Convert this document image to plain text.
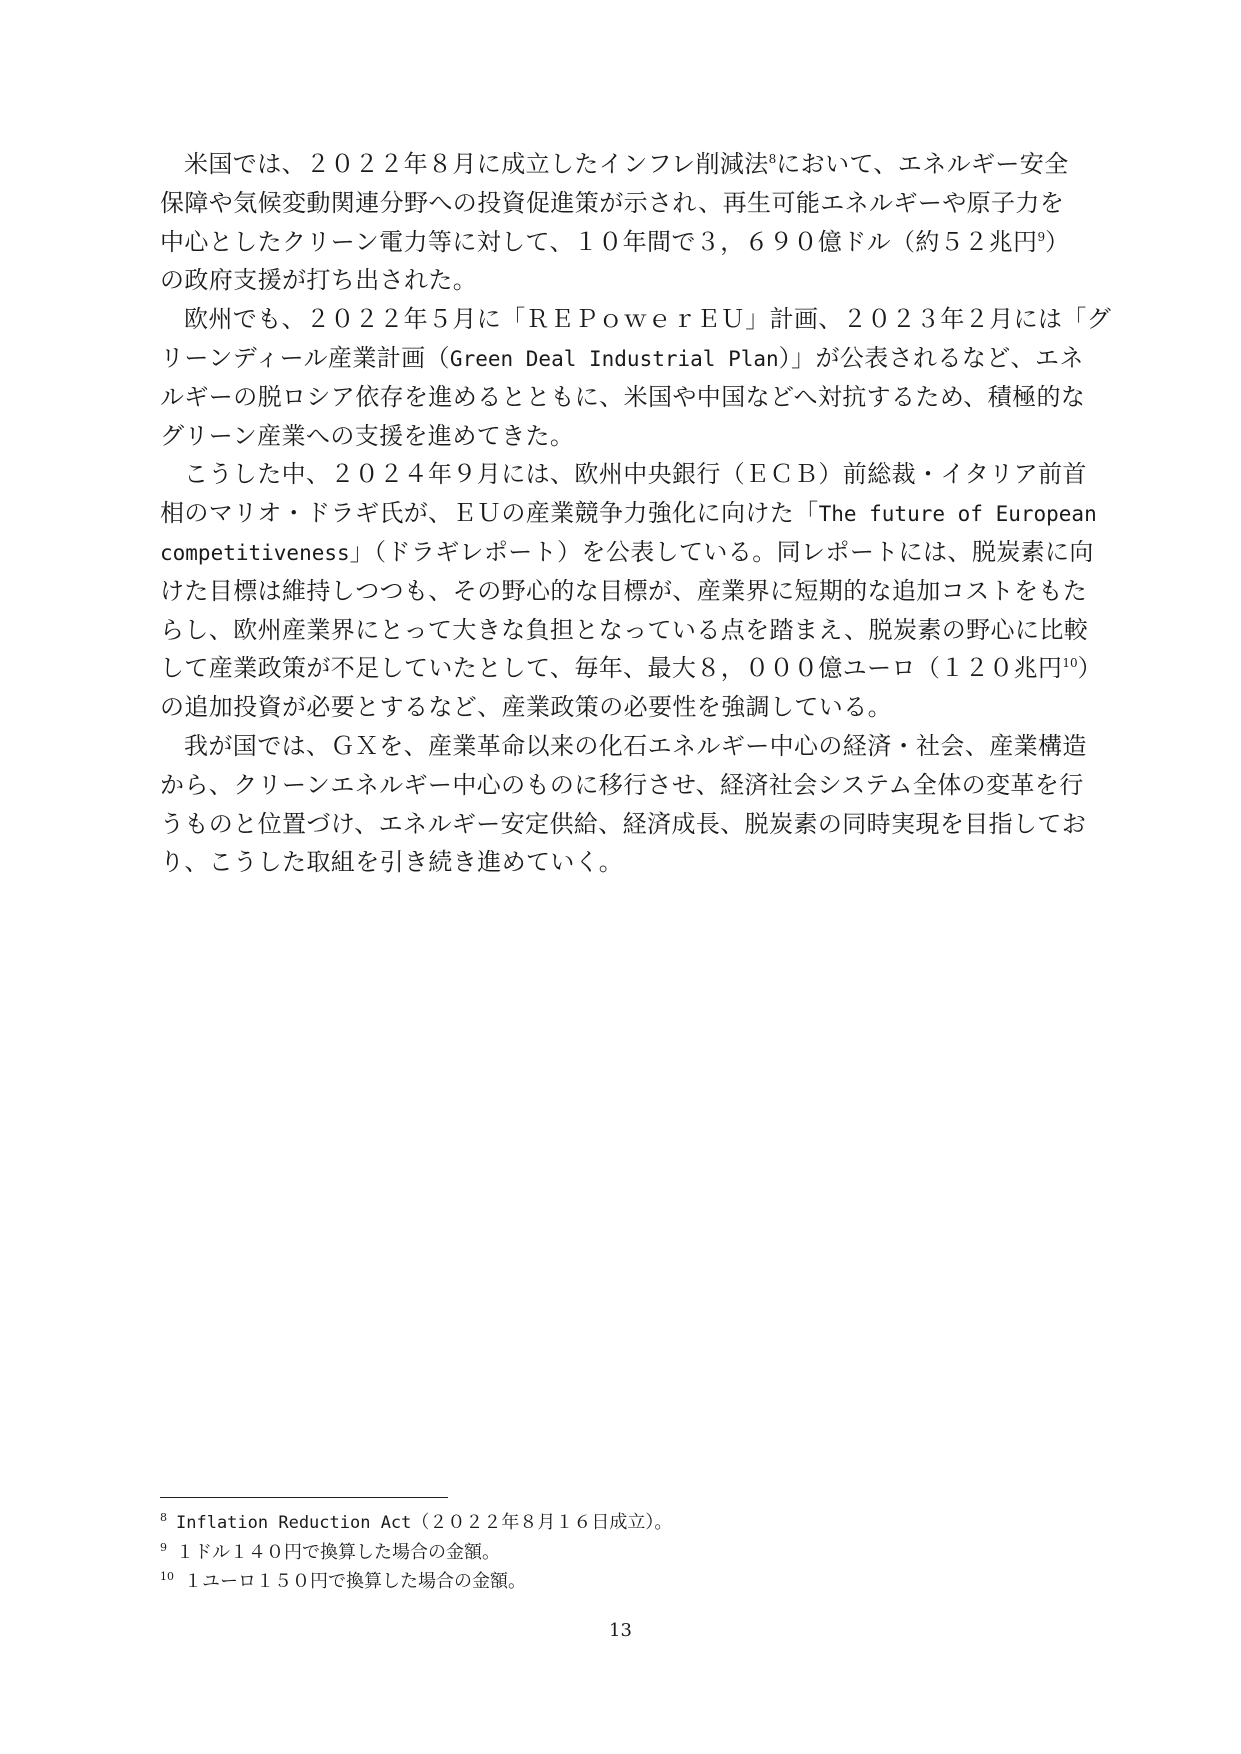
米国では、２０２２年８月に成立したインフレ削減法$^8$において、エネルギー安全
保障や気候変動関連分野への投資促進策が示され、再生可能エネルギーや原子力を
中心としたクリーン電力等に対して、１０年間で３，６９０億ドル（約５２兆円$^9$）
の政府支援が打ち出された。

欧州でも、２０２２年５月に「ＲＥＰｏｗｅｒＥＵ」計画、２０２３年２月には「グ
リーンディール産業計画（Green Deal Industrial Plan）」が公表されるなど、エネ
ルギーの脱ロシア依存を進めるとともに、米国や中国などへ対抗するため、積極的な
グリーン産業への支援を進めてきた。

こうした中、２０２４年９月には、欧州中央銀行（ＥＣＢ）前総裁・イタリア前首
相のマリオ・ドラギ氏が、ＥＵの産業競争力強化に向けた「The future of European
competitiveness」（ドラギレポート）を公表している。同レポートには、脱炭素に向
けた目標は維持しつつも、その野心的な目標が、産業界に短期的な追加コストをもた
らし、欧州産業界にとって大きな負担となっている点を踏まえ、脱炭素の野心に比較
して産業政策が不足していたとして、毎年、最大８，０００億ユーロ（１２０兆円$^{10}$）
の追加投資が必要とするなど、産業政策の必要性を強調している。

我が国では、ＧＸを、産業革命以来の化石エネルギー中心の経済・社会、産業構造
から、クリーンエネルギー中心のものに移行させ、経済社会システム全体の変革を行
うものと位置づけ、エネルギー安定供給、経済成長、脱炭素の同時実現を目指してお
り、こうした取組を引き続き進めていく。

8 Inflation Reduction Act（２０２２年８月１６日成立）。
9 １ドル１４０円で換算した場合の金額。
10 １ユーロ１５０円で換算した場合の金額。
13
